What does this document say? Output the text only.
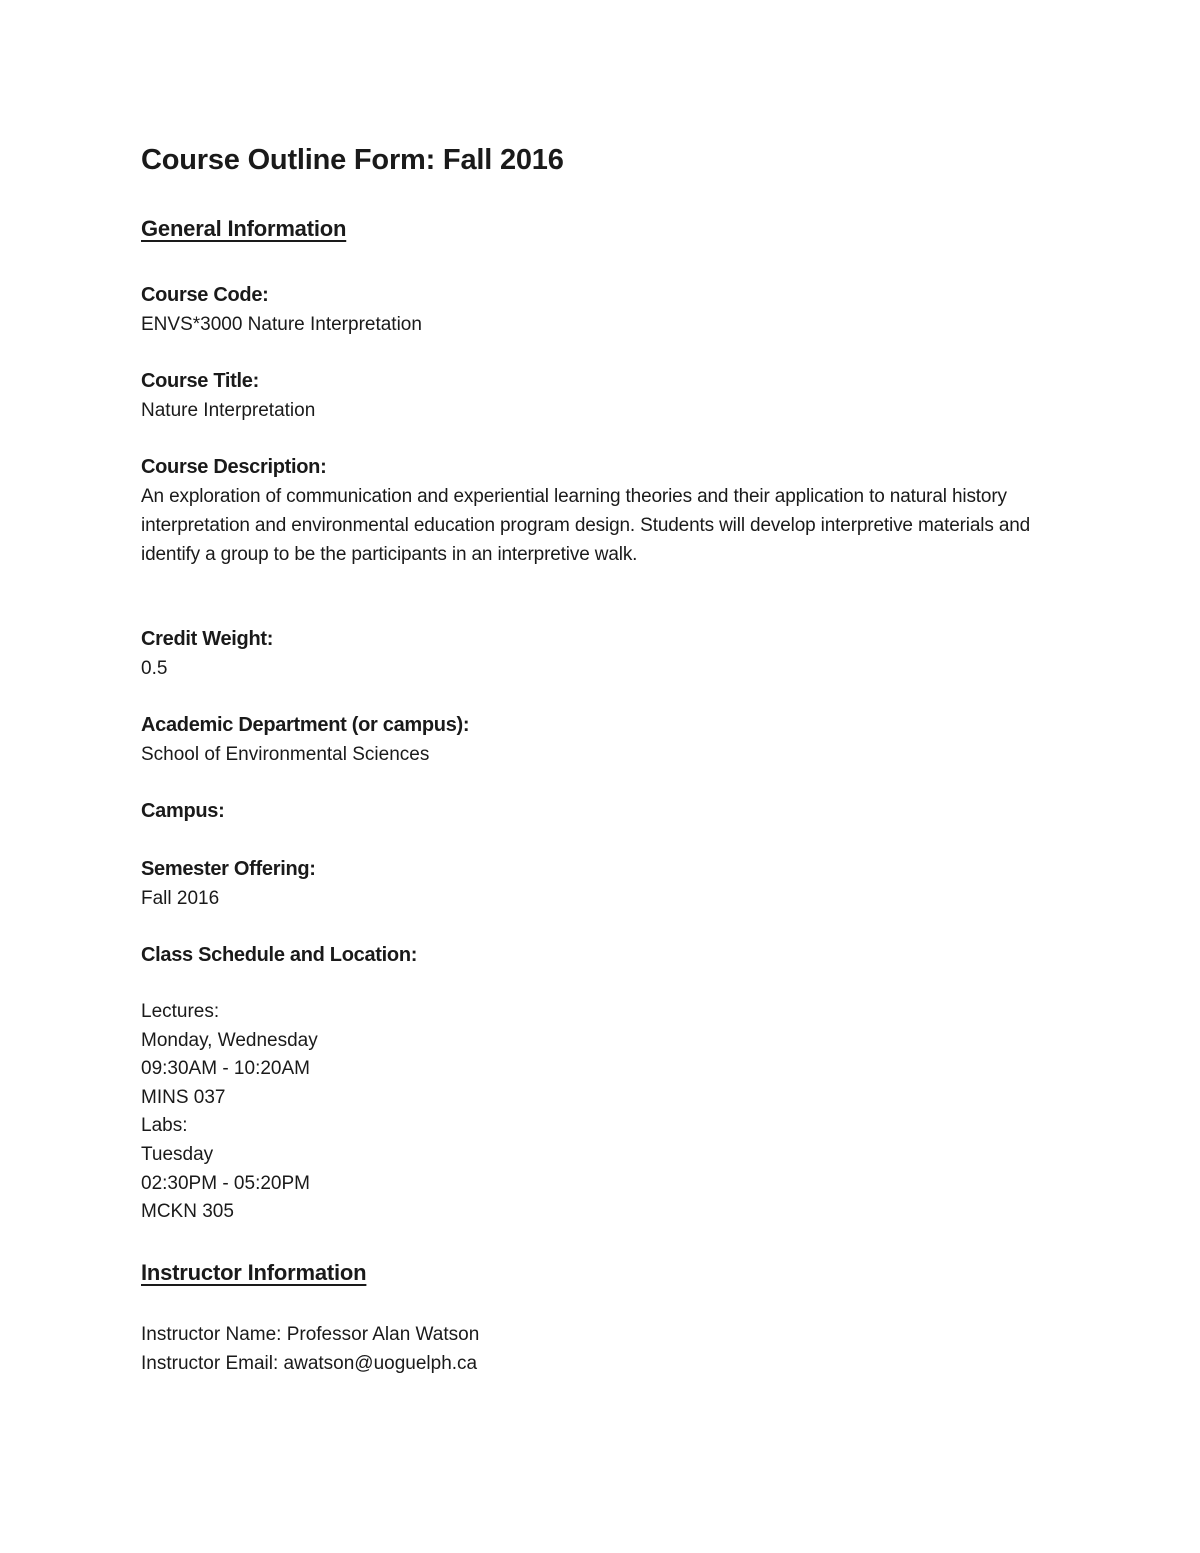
Course Outline Form: Fall 2016
General Information
Course Code:
ENVS*3000 Nature Interpretation
Course Title:
Nature Interpretation
Course Description:

An exploration of communication and experiential learning theories and their application to natural history interpretation and environmental education program design. Students will develop interpretive materials and identify a group to be the participants in an interpretive walk.

Credit Weight:
0.5
Academic Department (or campus):
School of Environmental Sciences
Campus:
Semester Offering:
Fall 2016
Class Schedule and Location:
Lectures:
Monday, Wednesday
09:30AM - 10:20AM
MINS 037
Labs:
Tuesday
02:30PM - 05:20PM
MCKN 305
Instructor Information
Instructor Name: Professor Alan Watson
Instructor Email: awatson@uoguelph.ca
